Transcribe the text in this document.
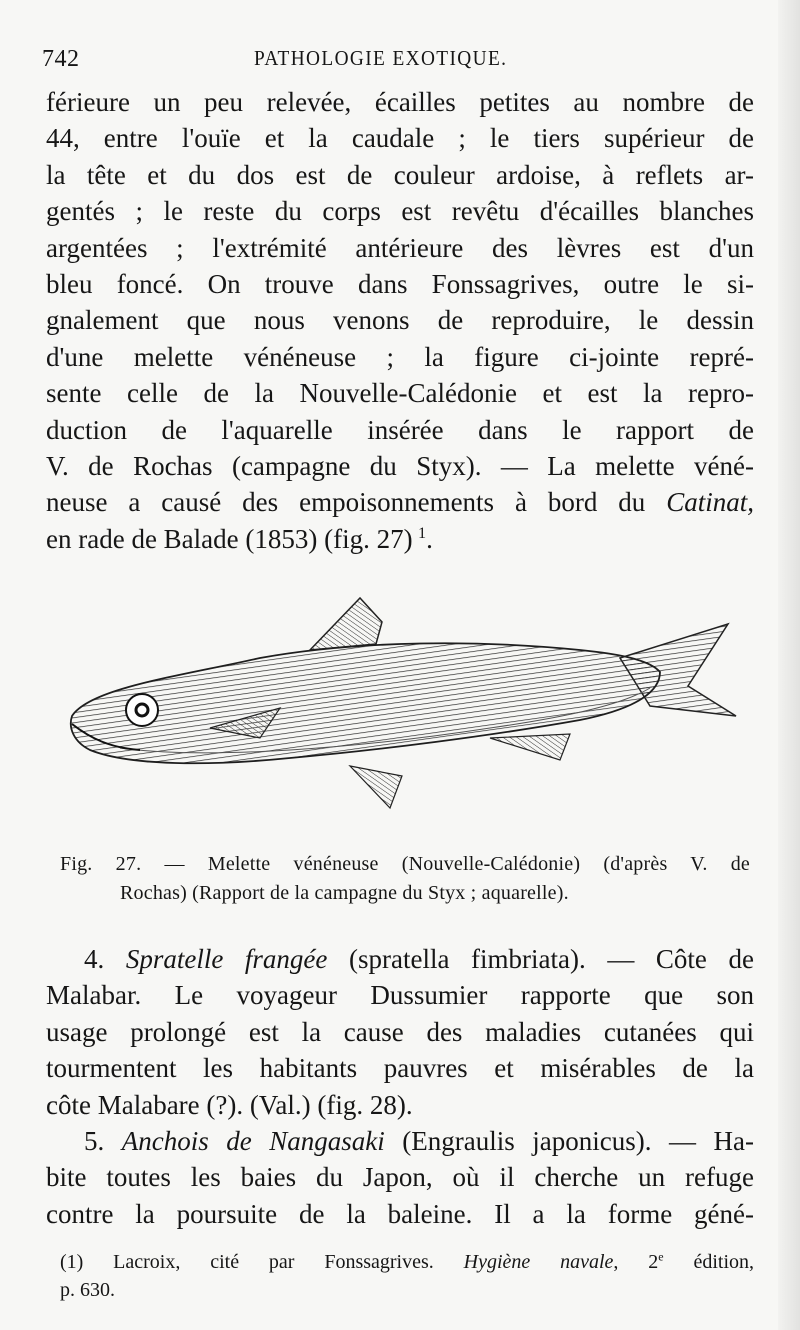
742	PATHOLOGIE EXOTIQUE.
férieure un peu relevée, écailles petites au nombre de
44, entre l'ouïe et la caudale ; le tiers supérieur de
la tête et du dos est de couleur ardoise, à reflets ar-
gentés ; le reste du corps est revêtu d'écailles blanches
argentées ; l'extrémité antérieure des lèvres est d'un
bleu foncé. On trouve dans Fonssagrives, outre le si-
gnalement que nous venons de reproduire, le dessin
d'une melette vénéneuse ; la figure ci-jointe repré-
sente celle de la Nouvelle-Calédonie et est la repro-
duction de l'aquarelle insérée dans le rapport de
V. de Rochas (campagne du Styx). — La melette véné-
neuse a causé des empoisonnements à bord du Catinat,
en rade de Balade (1853) (fig. 27)  $^1$.
Fig. 27. — Melette vénéneuse (Nouvelle-Calédonie) (d'après V. de
Rochas) (Rapport de la campagne du Styx ; aquarelle).
4. Spratelle frangée (spratella fimbriata). — Côte de
Malabar. Le voyageur Dussumier rapporte que son
usage prolongé est la cause des maladies cutanées qui
tourmentent les habitants pauvres et misérables de la
côte Malabare (?). (Val.) (fig. 28).
5. Anchois de Nangasaki (Engraulis japonicus). — Ha-
bite toutes les baies du Japon, où il cherche un refuge
contre la poursuite de la baleine. Il a la forme géné-
(1) Lacroix, cité par Fonssagrives. Hygiène navale, 2e édition,
p. 630.
